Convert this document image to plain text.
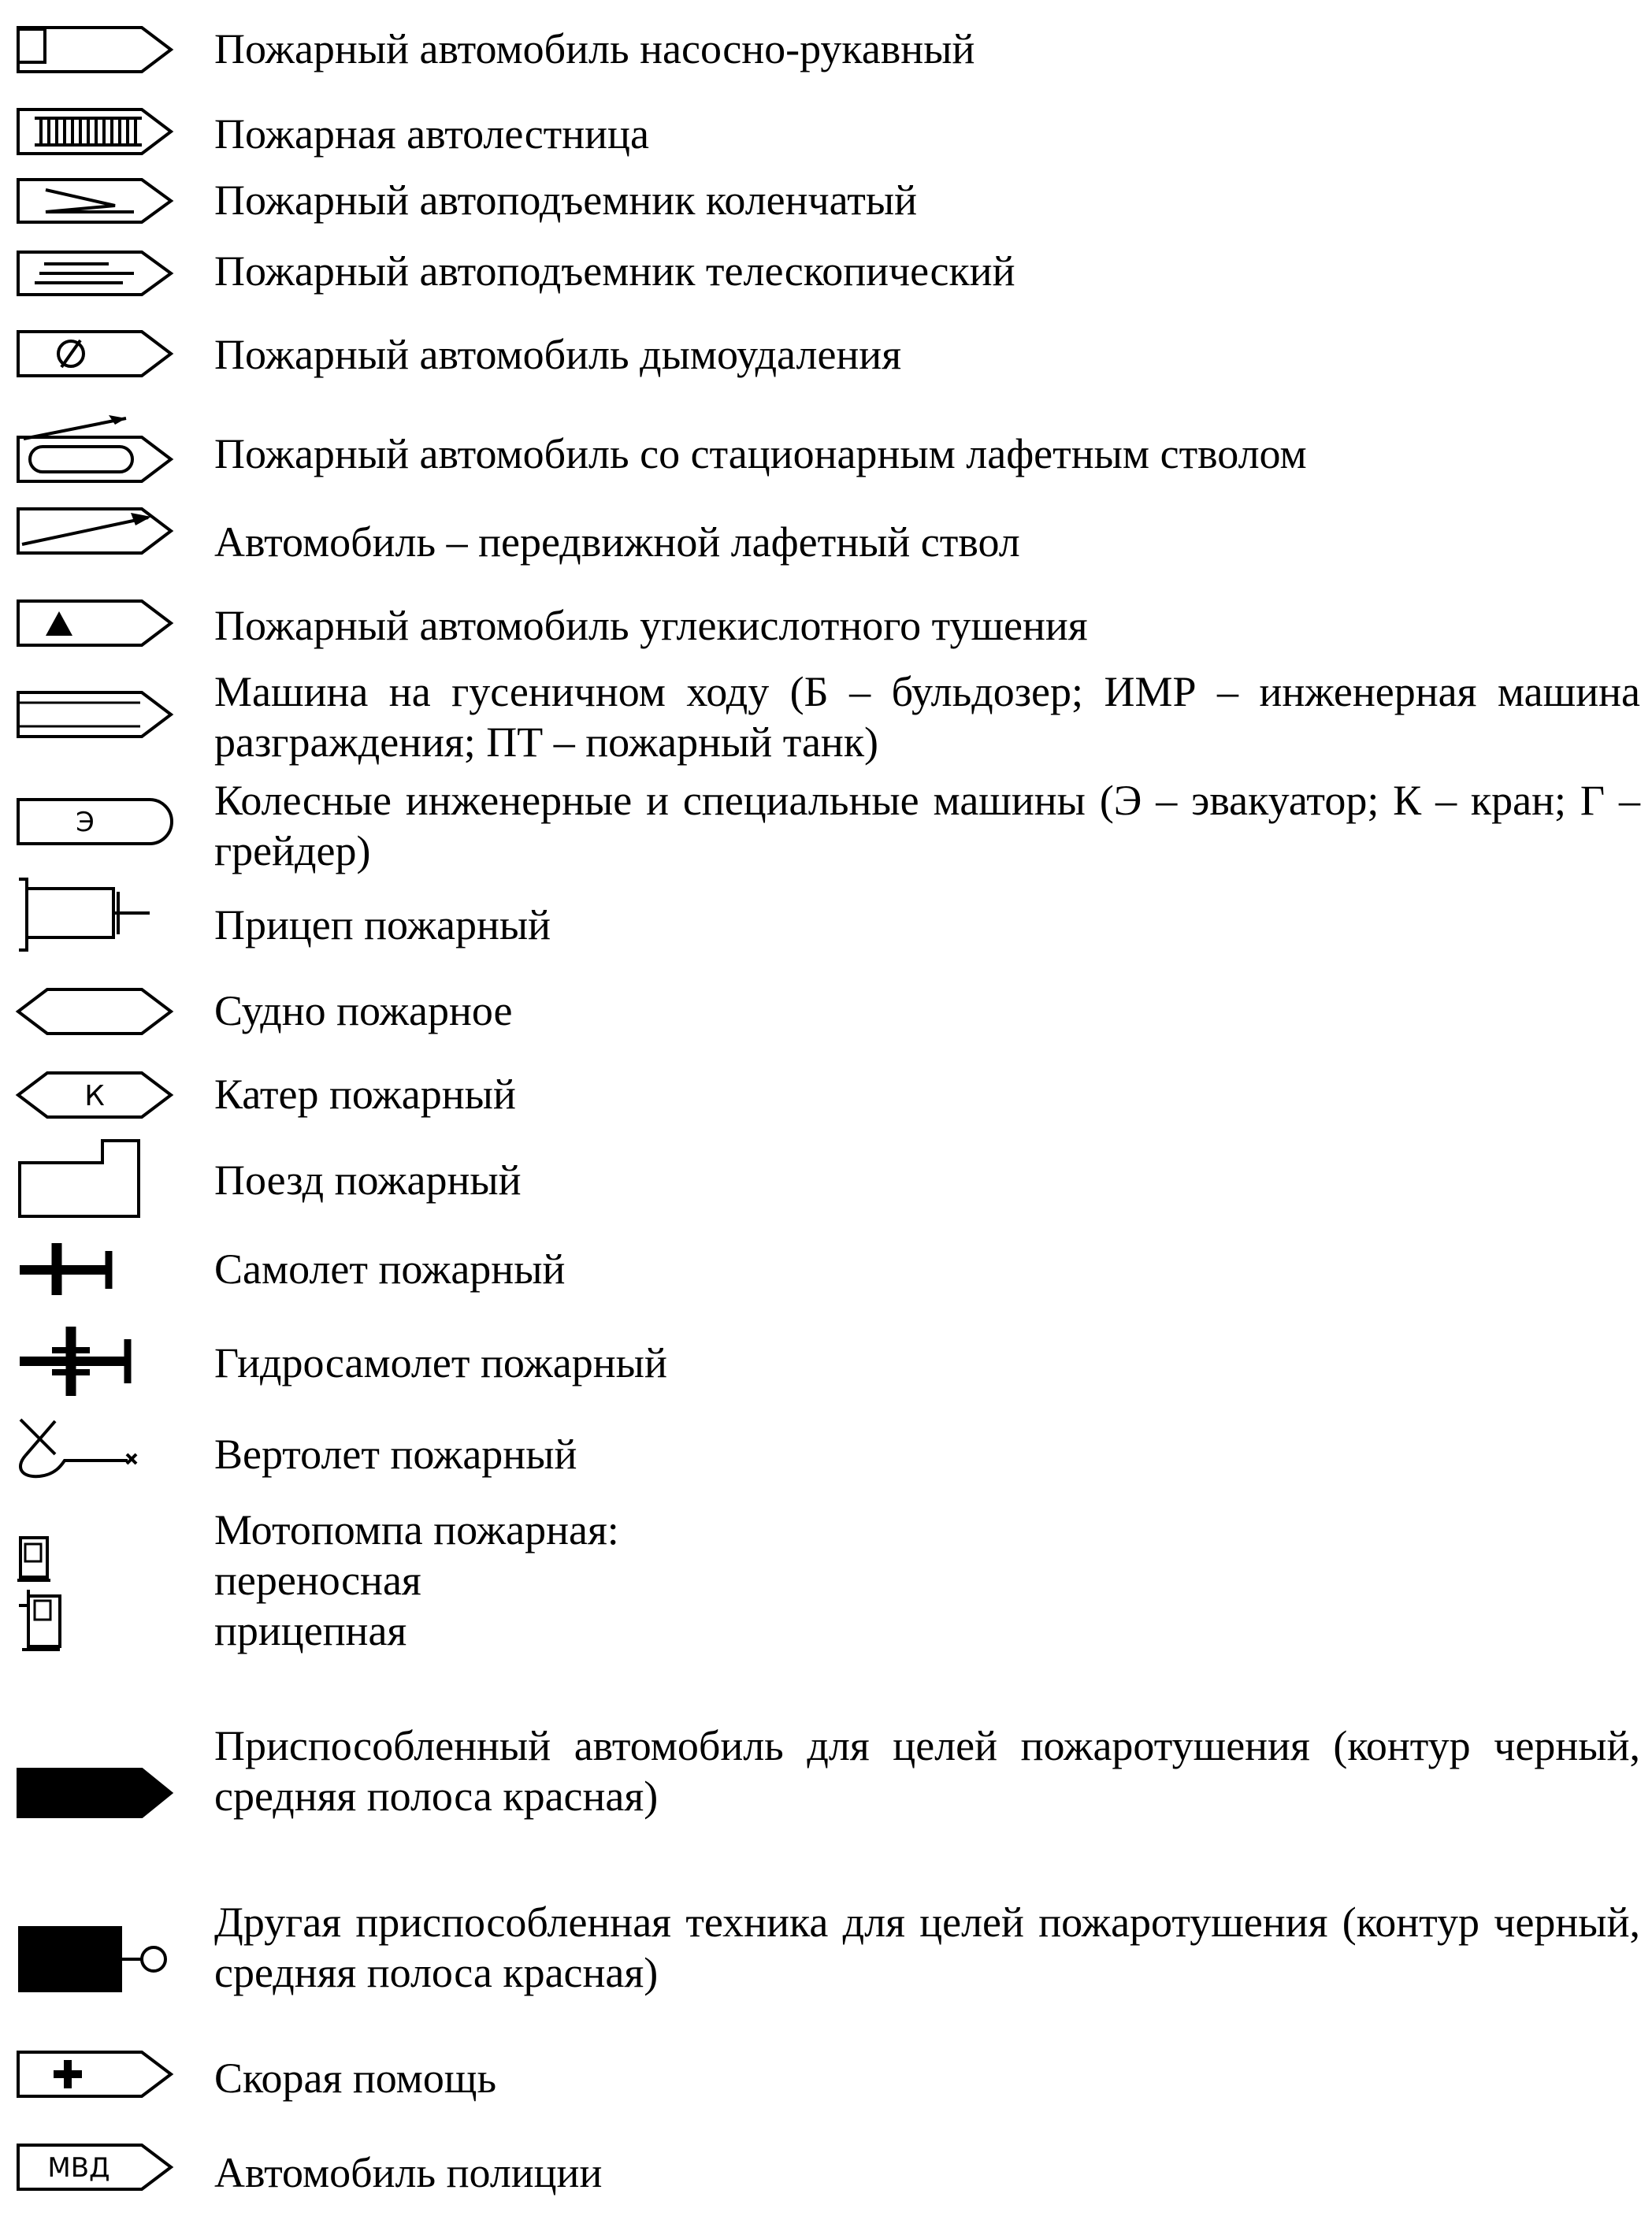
Пожарный автомобиль насосно-рукавный
Пожарная автолестница
Пожарный автоподъемник коленчатый
Пожарный автоподъемник телескопический
Пожарный автомобиль дымоудаления
Пожарный автомобиль со стационарным лафетным стволом
Автомобиль – передвижной лафетный ствол
Пожарный автомобиль углекислотного тушения
Машина на гусеничном ходу (Б – бульдозер; ИМР – инженерная машина разграждения; ПТ – пожарный танк)
Э	Колесные инженерные и специальные машины (Э – эвакуатор; К – кран; Г – грейдер)
Прицеп пожарный
Судно пожарное
К	Катер пожарный
Поезд пожарный
Самолет пожарный
Гидросамолет пожарный
Вертолет пожарный
Мотопомпа пожарная:
переносная
прицепная
Приспособленный автомобиль для целей пожаротушения (контур черный, средняя полоса красная)
Другая приспособленная техника для целей пожаротушения (контур черный, средняя полоса красная)
Скорая помощь
МВД Автомобиль полиции
